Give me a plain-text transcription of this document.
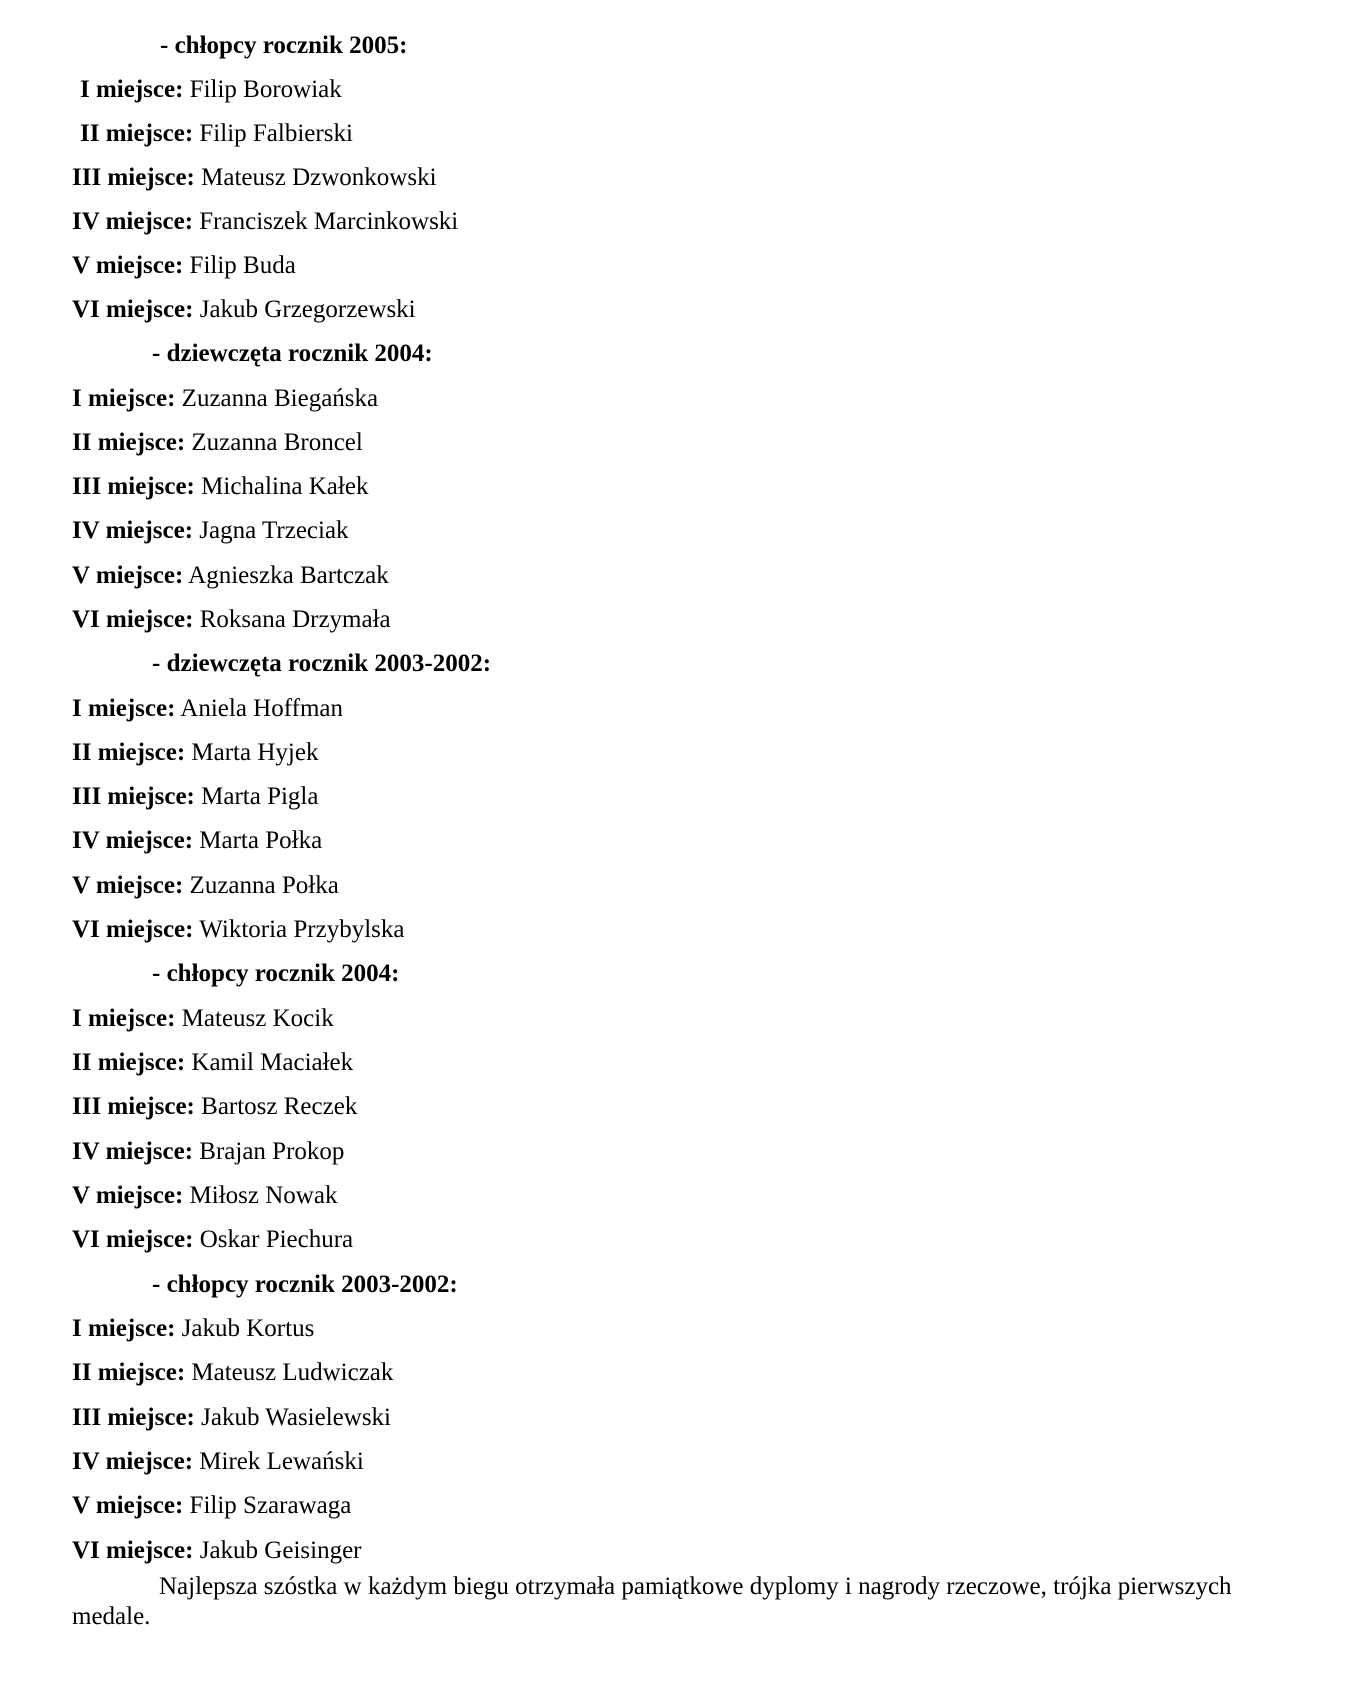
- chłopcy rocznik 2005:
I miejsce: Filip Borowiak
II miejsce: Filip Falbierski
III miejsce: Mateusz Dzwonkowski
IV miejsce: Franciszek Marcinkowski
V miejsce: Filip Buda
VI miejsce: Jakub Grzegorzewski
- dziewczęta rocznik 2004:
I miejsce: Zuzanna Biegańska
II miejsce: Zuzanna Broncel
III miejsce: Michalina Kałek
IV miejsce: Jagna Trzeciak
V miejsce: Agnieszka Bartczak
VI miejsce: Roksana Drzymała
- dziewczęta rocznik 2003-2002:
I miejsce: Aniela Hoffman
II miejsce: Marta Hyjek
III miejsce: Marta Pigla
IV miejsce: Marta Połka
V miejsce: Zuzanna Połka
VI miejsce: Wiktoria Przybylska
- chłopcy rocznik 2004:
I miejsce: Mateusz Kocik
II miejsce: Kamil Maciałek
III miejsce: Bartosz Reczek
IV miejsce: Brajan Prokop
V miejsce: Miłosz Nowak
VI miejsce: Oskar Piechura
- chłopcy rocznik 2003-2002:
I miejsce: Jakub Kortus
II miejsce: Mateusz Ludwiczak
III miejsce: Jakub Wasielewski
IV miejsce: Mirek Lewański
V miejsce: Filip Szarawaga
VI miejsce: Jakub Geisinger

Najlepsza szóstka w każdym biegu otrzymała pamiątkowe dyplomy i nagrody rzeczowe, trójka pierwszych medale.
